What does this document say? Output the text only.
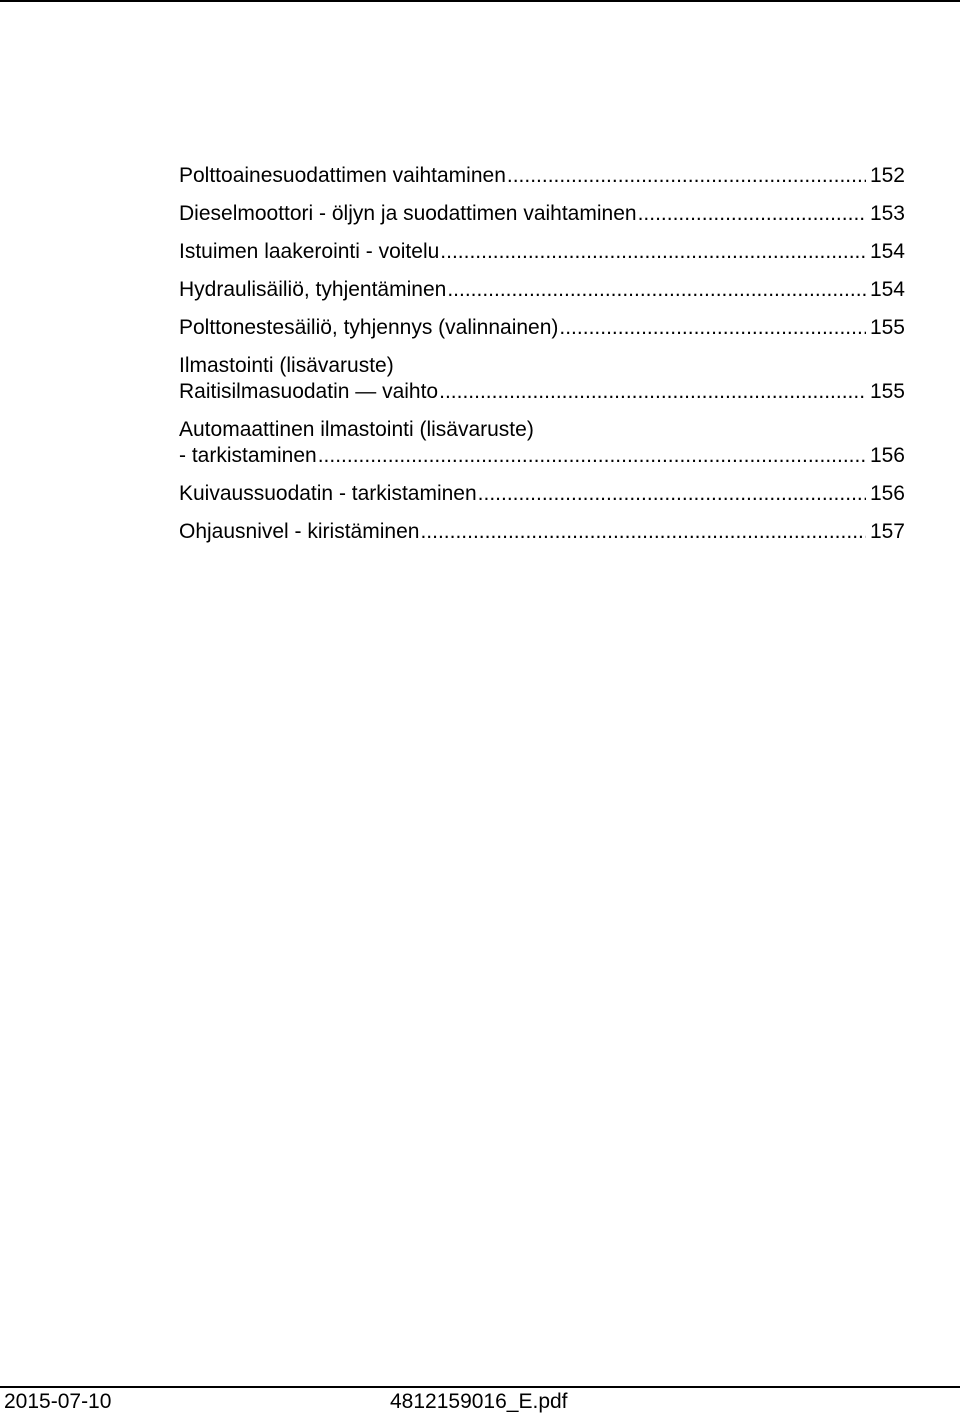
Polttoainesuodattimen vaihtaminen .....	152
Dieselmoottori - öljyn ja suodattimen vaihtaminen .....	153
Istuimen laakerointi - voitelu .....	154
Hydraulisäiliö, tyhjentäminen .....	154
Polttonestesäiliö, tyhjennys (valinnainen) .....	155
Ilmastointi (lisävaruste)
Raitisilmasuodatin — vaihto .....	155
Automaattinen ilmastointi (lisävaruste)
- tarkistaminen .....	156
Kuivaussuodatin - tarkistaminen .....	156
Ohjausnivel - kiristäminen .....	157
2015-07-10	4812159016_E.pdf
